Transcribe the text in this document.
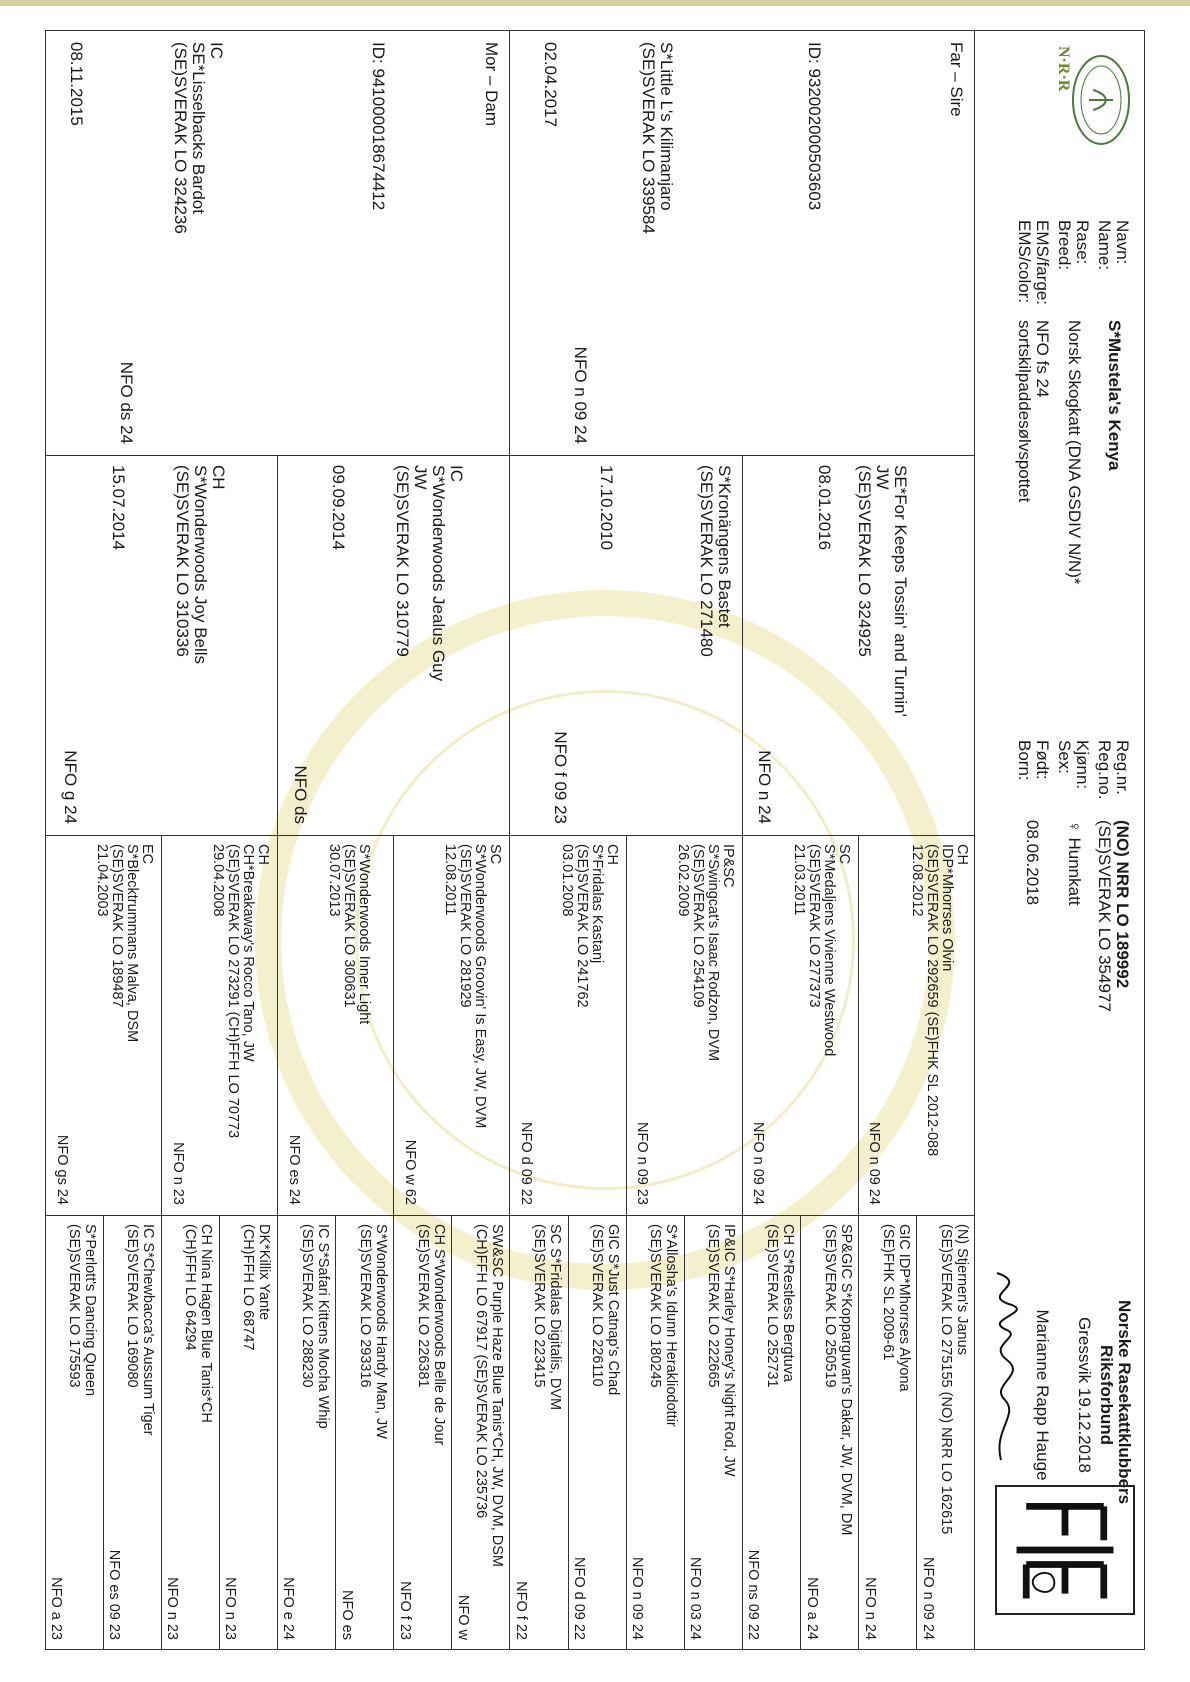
N·R·R
Navn:
Name:
Rase:
Breed:
EMS/farge:
EMS/color:
S*Mustela's Kenya
Norsk Skogkatt (DNA GSDIV N/N)*
NFO fs 24
sortskilpaddesølvspottet
Reg.nr.
Reg.no.
Kjønn:
Sex:
Født:
Born:
(NO) NRR LO 189992
(SE)SVERAK LO 354977
♀ Hunnkatt
08.06.2018
Norske Rasekattklubbers
Riksforbund
Gressvik 19.12.2018
Marianne Rapp Hauge
Far – Sire
ID: 932002000503603
S*Little L's Kilimanjaro
(SE)SVERAK LO 339584
02.04.2017
NFO n 09 24
Mor – Dam
ID: 941000018674412
IC
SE*Lisselbacks Bardot
(SE)SVERAK LO 324236
08.11.2015
NFO ds 24
SE*For Keeps Tossin' and Turnin'
JW
(SE)SVERAK LO 324925
08.01.2016
NFO n 24
S*Kronängens Bastet
(SE)SVERAK LO 271480
17.10.2010
NFO f 09 23
IC
S*Wonderwoods Jealus Guy
JW
(SE)SVERAK LO 310779
09.09.2014
NFO ds
CH
S*Wonderwoods Joy Bells
(SE)SVERAK LO 310336
15.07.2014
NFO g 24
CH
IDP*Mhorrses Olvin
(SE)SVERAK LO 292659 (SE)FHK SL 2012-088
12.08.2012
NFO n 09 24
SC
S*Medaljens Vivienne Westwood
(SE)SVERAK LO 277373
21.03.2011
NFO n 09 24
IP&SC
S*Swingcat's Isaac Rodzon, DVM
(SE)SVERAK LO 254109
26.02.2009
NFO n 09 23
CH
S*Fridalas Kastanj
(SE)SVERAK LO 241762
03.01.2008
NFO d 09 22
SC
S*Wonderwoods Groovin' Is Easy, JW, DVM
(SE)SVERAK LO 281929
12.08.2011
NFO w 62
S*Wonderwoods Inner Light
(SE)SVERAK LO 300631
30.07.2013
NFO es 24
CH
CH*Breakaway's Rocco Tano, JW
(SE)SVERAK LO 273291 (CH)FFH LO 70773
29.04.2008
NFO n 23
EC
S*Blecktrummans Malva, DSM
(SE)SVERAK LO 189487
21.04.2003
NFO gs 24
(N) Stjernen's Janus
(SE)SVERAK LO 275155 (NO) NRR LO 162615
NFO n 09 24
GIC IDP*Mhorrses Alyona
(SE)FHK SL 2009-61
NFO n 24
SP&GIC S*Kopparguvan's Dakar, JW, DVM, DM
(SE)SVERAK LO 250519
NFO a 24
CH S*Restless Bergtuva
(SE)SVERAK LO 252731
NFO ns 09 22
IP&IC S*Harley Honey's Night Rod, JW
(SE)SVERAK LO 222665
NFO n 03 24
S*Allosha's Idunn Herakliodottir
(SE)SVERAK LO 180245
NFO n 09 24
GIC S*Just Catnap's Chad
(SE)SVERAK LO 226110
NFO d 09 22
SC S*Fridalas Digitalis, DVM
(SE)SVERAK LO 223415
NFO f 22
SW&SC Purple Haze Blue Tanis*CH, JW, DVM, DSM
(CH)FFH LO 67917 (SE)SVERAK LO 235736
NFO w
CH S*Wonderwoods Belle de Jour
(SE)SVERAK LO 226381
NFO f 23
S*Wonderwoods Handy Man, JW
(SE)SVERAK LO 293316
NFO es
IC S*Safari Kittens Mocha Whip
(SE)SVERAK LO 288230
NFO e 24
DK*Killix Yante
(CH)FFH LO 68747
NFO n 23
CH Nina Hagen Blue Tanis*CH
(CH)FFH LO 64294
NFO n 23
IC S*Chewbacca's Aussum Tiger
(SE)SVERAK LO 169080
NFO es 09 23
S*Perlott's Dancing Queen
(SE)SVERAK LO 175593
NFO a 23
